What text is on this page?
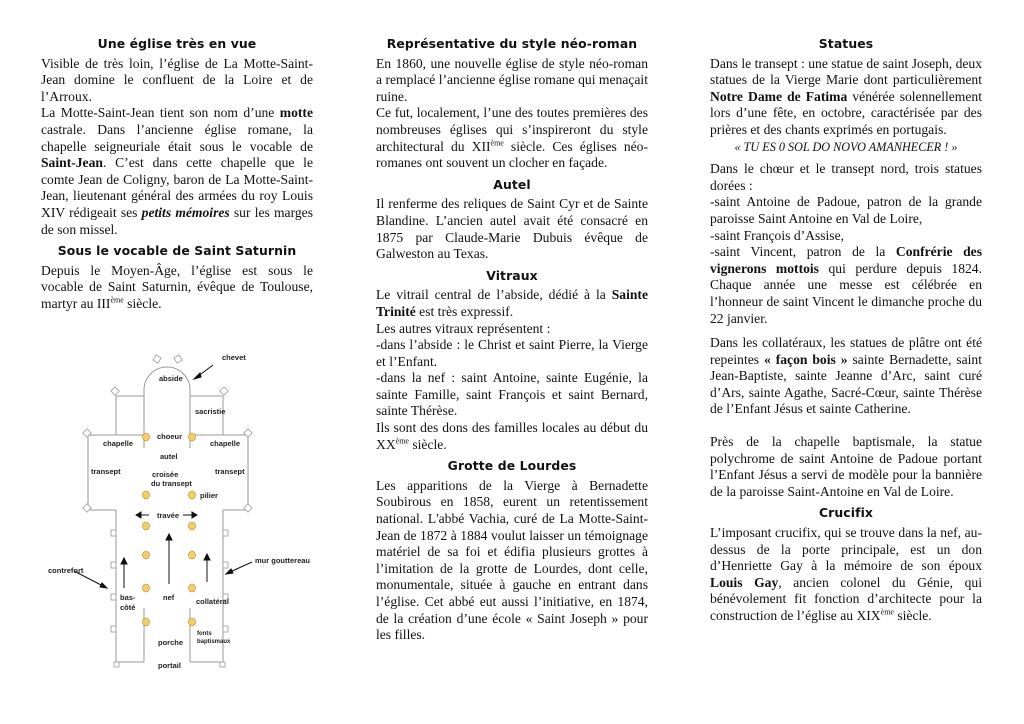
Une église très en vue

Visible de très loin, l’église de La Motte-Saint-Jean domine le confluent de la Loire et de l’Arroux.

La Motte-Saint-Jean tient son nom d’une motte castrale. Dans l’ancienne église romane, la chapelle seigneuriale était sous le vocable de Saint-Jean. C’est dans cette chapelle que le comte Jean de Coligny, baron de La Motte-Saint-Jean, lieutenant général des armées du roy Louis XIV rédigeait ses petits mémoires sur les marges de son missel.

Sous le vocable de Saint Saturnin

Depuis le Moyen-Âge, l’église est sous le vocable de Saint Saturnin, évêque de Toulouse, martyr au IIIème siècle.

chevet
abside
sacristie
choeur
chapelle	chapelle
autel
transept	transept
croisée
du transept
pilier
travée
mur gouttereau
contrefort
bas-
côté
nef	collatéral
fonts
baptismaux
porche
portail
Représentative du style néo-roman

En 1860, une nouvelle église de style néo-roman a remplacé l’ancienne église romane qui menaçait ruine.

Ce fut, localement, l’une des toutes premières des nombreuses églises qui s’inspireront du style architectural du XIIème siècle. Ces églises néo-romanes ont souvent un clocher en façade.

Autel

Il renferme des reliques de Saint Cyr et de Sainte Blandine. L’ancien autel avait été consacré en 1875 par Claude-Marie Dubuis évêque de Galweston au Texas.

Vitraux

Le vitrail central de l’abside, dédié à la Sainte Trinité est très expressif.

Les autres vitraux représentent :

-dans l’abside : le Christ et saint Pierre, la Vierge et l’Enfant.

-dans la nef : saint Antoine, sainte Eugénie, la sainte Famille, saint François et saint Bernard, sainte Thérèse.

Ils sont des dons des familles locales au début du XXème siècle.

Grotte de Lourdes

Les apparitions de la Vierge à Bernadette Soubirous en 1858, eurent un retentissement national. L'abbé Vachia, curé de La Motte-Saint-Jean de 1872 à 1884 voulut laisser un témoignage matériel de sa foi et édifia plusieurs grottes à l’imitation de la grotte de Lourdes, dont celle, monumentale, située à gauche en entrant dans l’église. Cet abbé eut aussi l’initiative, en 1874, de la création d’une école « Saint Joseph » pour les filles.

Statues

Dans le transept : une statue de saint Joseph, deux statues de la Vierge Marie dont particulièrement Notre Dame de Fatima vénérée solennellement lors d’une fête, en octobre, caractérisée par des prières et des chants exprimés en portugais.

« TU ES 0 SOL DO NOVO AMANHECER ! »

Dans le chœur et le transept nord, trois statues dorées :

-saint Antoine de Padoue, patron de la grande paroisse Saint Antoine en Val de Loire,

-saint François d’Assise,

-saint Vincent, patron de la Confrérie des vignerons mottois qui perdure depuis 1824. Chaque année une messe est célébrée en l’honneur de saint Vincent le dimanche proche du 22 janvier.

Dans les collatéraux, les statues de plâtre ont été repeintes « façon bois » sainte Bernadette, saint Jean-Baptiste, sainte Jeanne d’Arc, saint curé d’Ars, sainte Agathe, Sacré-Cœur, sainte Thérèse de l’Enfant Jésus et sainte Catherine.

Près de la chapelle baptismale, la statue polychrome de saint Antoine de Padoue portant l’Enfant Jésus a servi de modèle pour la bannière de la paroisse Saint-Antoine en Val de Loire.

Crucifix

L’imposant crucifix, qui se trouve dans la nef, au-dessus de la porte principale, est un don d’Henriette Gay à la mémoire de son époux Louis Gay, ancien colonel du Génie, qui bénévolement fit fonction d’architecte pour la construction de l’église au XIXème siècle.
